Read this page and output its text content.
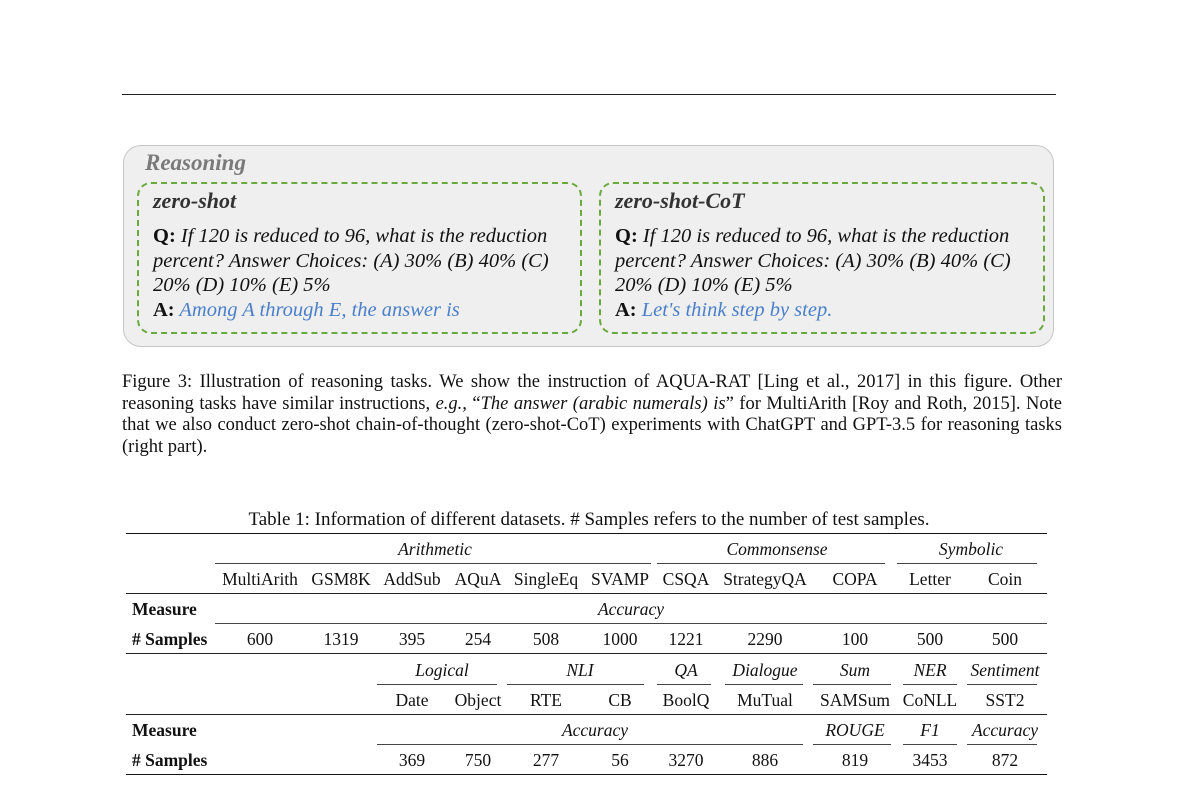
Reasoning
zero-shot
Q: If 120 is reduced to 96, what is the reduction percent? Answer Choices: (A) 30% (B) 40% (C) 20% (D) 10% (E) 5%
A: Among A through E, the answer is
zero-shot-CoT
Q: If 120 is reduced to 96, what is the reduction percent? Answer Choices: (A) 30% (B) 40% (C) 20% (D) 10% (E) 5%
A: Let's think step by step.
Figure 3: Illustration of reasoning tasks. We show the instruction of AQUA-RAT [Ling et al., 2017] in this figure. Other reasoning tasks have similar instructions, e.g., “The answer (arabic numerals) is” for MultiArith [Roy and Roth, 2015]. Note that we also conduct zero-shot chain-of-thought (zero-shot-CoT) experiments with ChatGPT and GPT-3.5 for reasoning tasks (right part).
Table 1: Information of different datasets. # Samples refers to the number of test samples.
Arithmetic	Commonsense	Symbolic
MultiArith GSM8K AddSub AQuA SingleEq SVAMP CSQA StrategyQA COPA Letter Coin
Measure	Accuracy
# Samples 600	1319 395 254 508 1000 1221	2290	100	500	500
Logical	NLI	QA Dialogue Sum NER Sentiment
Date Object RTE	CB BoolQ MuTual SAMSum CoNLL SST2
Measure	Accuracy	ROUGE F1 Accuracy
# Samples	369 750 277	56 3270	886	819	3453	872
